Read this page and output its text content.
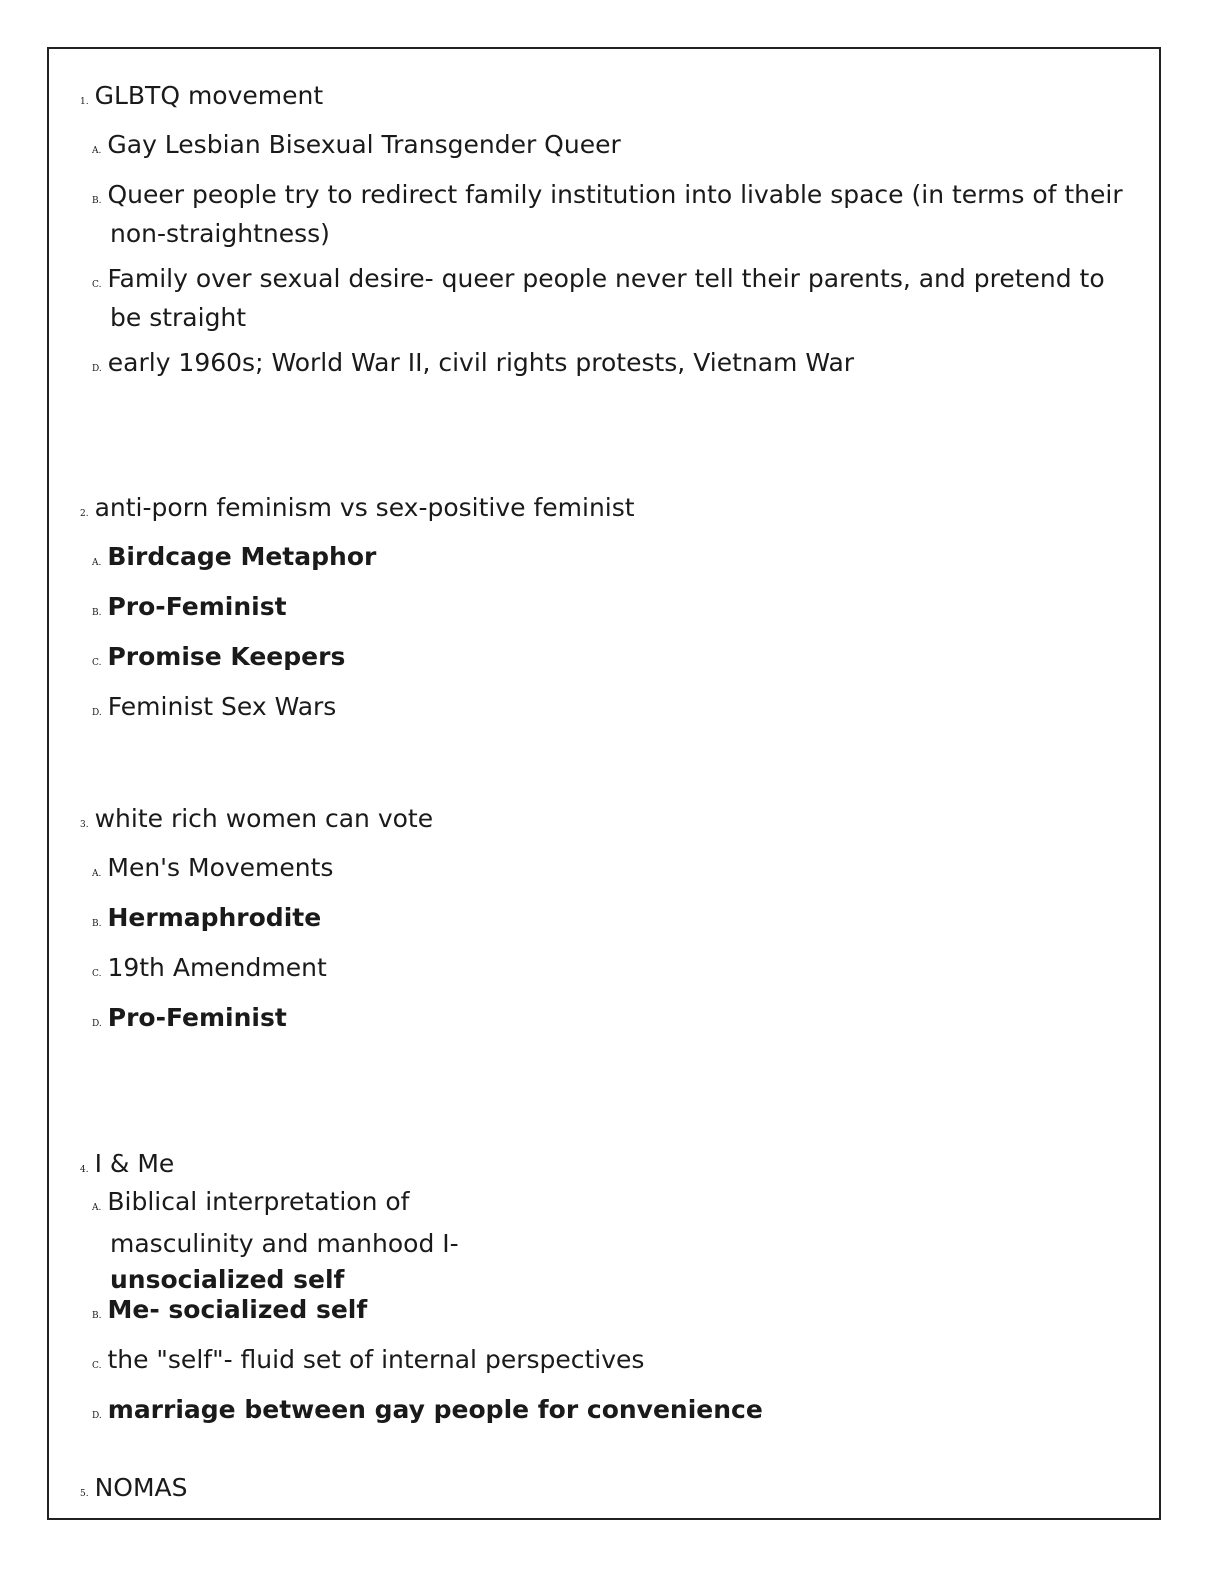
1. GLBTQ movement
A. Gay Lesbian Bisexual Transgender Queer
B. Queer people try to redirect family institution into livable space (in terms of their
non-straightness)
C. Family over sexual desire- queer people never tell their parents, and pretend to
be straight
D. early 1960s; World War II, civil rights protests, Vietnam War
2. anti-porn feminism vs sex-positive feminist
A. Birdcage Metaphor
B. Pro-Feminist
C. Promise Keepers
D. Feminist Sex Wars
3. white rich women can vote
A. Men's Movements
B. Hermaphrodite
C. 19th Amendment
D. Pro-Feminist
4. I & Me
A. Biblical interpretation of
masculinity and manhood I-
unsocialized self
B. Me- socialized self
C. the "self"- fluid set of internal perspectives
D. marriage between gay people for convenience
5. NOMAS
